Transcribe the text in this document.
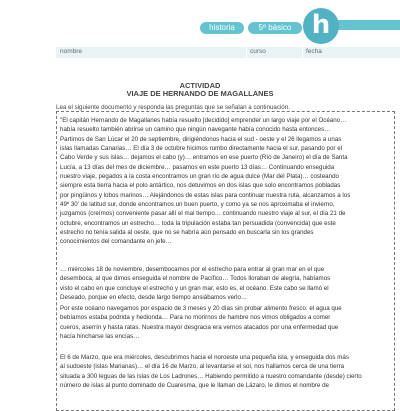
historia	5º básico h
nombre	curso	fecha
ACTIVIDAD
VIAJE DE HERNANDO DE MAGALLANES
Lea el siguiente documento y responda las preguntas que se señalan a continuación.
"El capitán Hernando de Magallanes había resuelto [decidido] emprender un largo viaje por el Océano…
había resuelto también abrirse un camino que ningún navegante había conocido hasta entonces…
Partimos de San Lúcar el 20 de septiembre, dirigiéndonos hacia el sud - oeste y el 26 llegamos a unas
islas llamadas Canarias… El día 3 de octubre hicimos rumbo directamente hacia el sur, pasando por el
Cabo Verde y sus islas… dejamos el cabo (y)… entramos en ese puerto (Río de Janeiro) el día de Santa
Lucía, a 13 días del mes de diciembre… pasamos en este puerto 13 días… Continuando enseguida
nuestro viaje, pegados a la costa encontramos un gran río de agua dulce (Mar del Plata)… costeando
siempre esta tierra hacia el polo antártico, nos detuvimos en dos islas que solo encontramos pobladas
por pingüinos y lobos marinos… Alejándonos de estas islas para continuar nuestra ruta, alcanzamos a los
49º 30' de latitud sur, donde encontramos un buen puerto, y como ya se nos aproximaba el invierno,
juzgamos (creímos) conveniente pasar allí el mal tiempo… continuando nuestro viaje al sur, el día 21 de
octubre, encontramos un estrecho… toda la tripulación estaba tan persuadida (convencida) que este
estrecho no tenía salida al oeste, que no se habría aún pensado en buscarla sin los grandes
conocimientos del comandante en jefe…
… miércoles 18 de noviembre, desembocamos por el estrecho para entrar al gran mar en el que
desemboca, al que dimos enseguida el nombre de Pacífico… Todos lloraban de alegría, habíamos
visto el cabo en que concluye el estrecho y un gran mar, esto es, el océano. Este cabo se llamó el
Deseado, porque en efecto, desde largo tiempo ansiábamos verlo…
Por este océano navegamos por espacio de 3 meses y 20 días sin probar alimento fresco: el agua que
bebíamos estaba podrida y hedionda… Para no morirnos de hambre nos vimos obligados a comer
cueros, aserrín y hasta ratas. Nuestra mayor desgracia era vernos atacados por una enfermedad que
hacía hincharse las encías…
El 6 de Marzo, que era miércoles, descubrimos hacia el noroeste una pequeña isla, y enseguida dos más
al sudoeste (islas Marianas)… el día 16 de Marzo, al levantarse el sol, nos hallamos cerca de una tierra
situada a 300 leguas de las islas de Los Ladrones… Habiendo permitido a nuestro comandante (desde) cierto
número de islas al punto dominado de Cuaresma, que le llaman de Lázaro, le dimos el nombre de
